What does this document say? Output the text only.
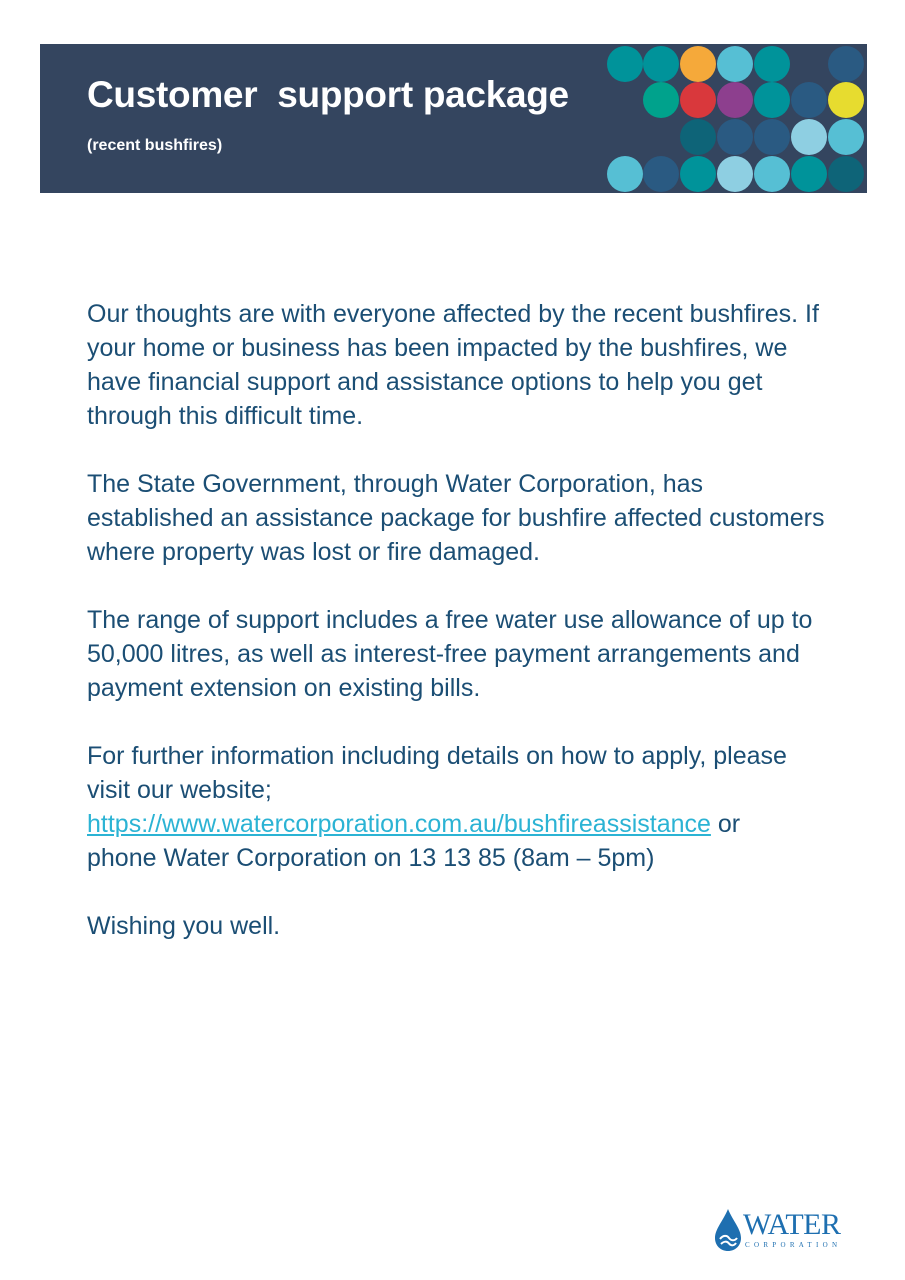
Customer  support package
(recent bushfires)

Our thoughts are with everyone affected by the recent bushfires. If your home or business has been impacted by the bushfires, we have financial support and assistance options to help you get through this difficult time.

The State Government, through Water Corporation, has established an assistance package for bushfire affected customers where property was lost or fire damaged.

The range of support includes a free water use allowance of up to 50,000 litres, as well as interest-free payment arrangements and payment extension on existing bills.

For further information including details on how to apply, please visit our website;
https://www.watercorporation.com.au/bushfireassistance or
phone Water Corporation on 13 13 85 (8am – 5pm)

Wishing you well.

WATER
CORPORATION
